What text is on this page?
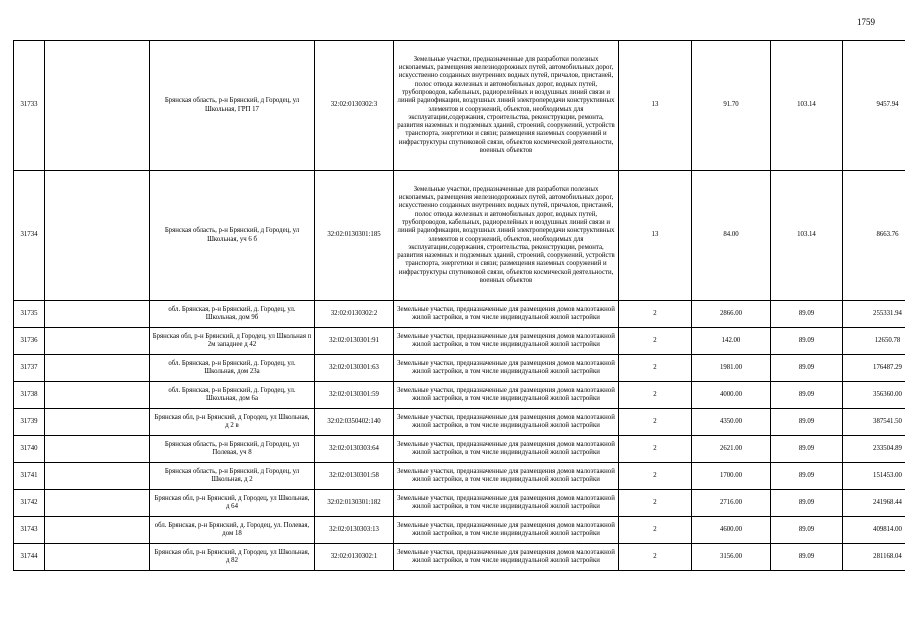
1759
31733		Брянская область, р-н Брянский, д Городец, ул Школьная, ГРП 17	32:02:0130302:3	Земельные участки, предназначенные для разработки полезных ископаемых, размещения железнодорожных путей, автомобильных дорог, искусственно созданных внутренних водных путей, причалов, пристаней, полос отвода железных и автомобильных дорог, водных путей, трубопроводов, кабельных, радиорелейных и воздушных линий связи и линий радиофикации, воздушных линий электропередачи конструктивных элементов и сооружений, объектов, необходимых для эксплуатации,содержания, строительства, реконструкции, ремонта, развития наземных и подземных зданий, строений, сооружений, устройств транспорта, энергетики и связи; размещения наземных сооружений и инфраструктуры спутниковой связи, объектов космической деятельности, военных объектов	13	91.70	103.14	9457.94
31734		Брянская область, р-н Брянский, д Городец, ул Школьная, уч 6 б	32:02:0130301:185	Земельные участки, предназначенные для разработки полезных ископаемых, размещения железнодорожных путей, автомобильных дорог, искусственно созданных внутренних водных путей, причалов, пристаней, полос отвода железных и автомобильных дорог, водных путей, трубопроводов, кабельных, радиорелейных и воздушных линий связи и линий радиофикации, воздушных линий электропередачи конструктивных элементов и сооружений, объектов, необходимых для эксплуатации,содержания, строительства, реконструкции, ремонта, развития наземных и подземных зданий, строений, сооружений, устройств транспорта, энергетики и связи; размещения наземных сооружений и инфраструктуры спутниковой связи, объектов космической деятельности, военных объектов	13	84.00	103.14	8663.76
31735		обл. Брянская, р-н Брянский, д. Городец, ул. Школьная, дом 9б	32:02:0130302:2	Земельные участки, предназначенные для размещения домов малоэтажной жилой застройки, в том числе индивидуальной жилой застройки	2	2866.00	89.09	255331.94
31736		Брянская обл, р-н Брянский, д Городец, ул Школьная п 2м западнее д 42	32:02:0130301:91	Земельные участки, предназначенные для размещения домов малоэтажной жилой застройки, в том числе индивидуальной жилой застройки	2	142.00	89.09	12650.78
31737		обл. Брянская, р-н Брянский, д. Городец, ул. Школьная, дом 23а	32:02:0130301:63	Земельные участки, предназначенные для размещения домов малоэтажной жилой застройки, в том числе индивидуальной жилой застройки	2	1981.00	89.09	176487.29
31738		обл. Брянская, р-н Брянский, д. Городец, ул. Школьная, дом 6а	32:02:0130301:59	Земельные участки, предназначенные для размещения домов малоэтажной жилой застройки, в том числе индивидуальной жилой застройки	2	4000.00	89.09	356360.00
31739		Брянская обл, р-н Брянский, д Городец, ул Школьная, д 2 в	32:02:0350402:140	Земельные участки, предназначенные для размещения домов малоэтажной жилой застройки, в том числе индивидуальной жилой застройки	2	4350.00	89.09	387541.50
31740		Брянская область, р-н Брянский, д Городец, ул Полевая, уч 8	32:02:0130303:64	Земельные участки, предназначенные для размещения домов малоэтажной жилой застройки, в том числе индивидуальной жилой застройки	2	2621.00	89.09	233504.89
31741		Брянская область, р-н Брянский, д Городец, ул Школьная, д 2	32:02:0130301:58	Земельные участки, предназначенные для размещения домов малоэтажной жилой застройки, в том числе индивидуальной жилой застройки	2	1700.00	89.09	151453.00
31742		Брянская обл, р-н Брянский, д Городец, ул Школьная, д 64	32:02:0130301:182	Земельные участки, предназначенные для размещения домов малоэтажной жилой застройки, в том числе индивидуальной жилой застройки	2	2716.00	89.09	241968.44
31743		обл. Брянская, р-н Брянский, д. Городец, ул. Полевая, дом 18	32:02:0130303:13	Земельные участки, предназначенные для размещения домов малоэтажной жилой застройки, в том числе индивидуальной жилой застройки	2	4600.00	89.09	409814.00
31744		Брянская обл, р-н Брянский, д Городец, ул Школьная, д 82	32:02:0130302:1	Земельные участки, предназначенные для размещения домов малоэтажной жилой застройки, в том числе индивидуальной жилой застройки	2	3156.00	89.09	281168.04
